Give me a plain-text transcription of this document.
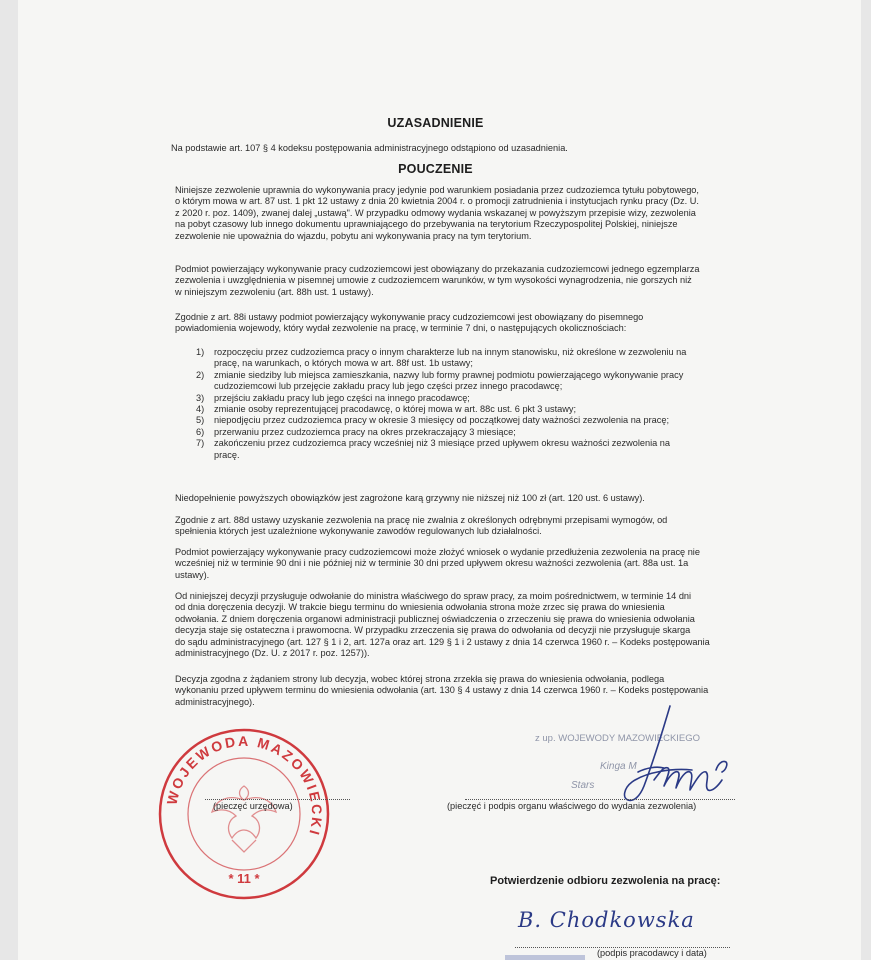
UZASADNIENIE
Na podstawie art. 107 § 4 kodeksu postępowania administracyjnego odstąpiono od uzasadnienia.
POUCZENIE
Niniejsze zezwolenie uprawnia do wykonywania pracy jedynie pod warunkiem posiadania przez cudzoziemca tytułu pobytowego,
o którym mowa w art. 87 ust. 1 pkt 12 ustawy z dnia 20 kwietnia 2004 r. o promocji zatrudnienia i instytucjach rynku pracy (Dz. U.
z 2020 r. poz. 1409), zwanej dalej „ustawą". W przypadku odmowy wydania wskazanej w powyższym przepisie wizy, zezwolenia
na pobyt czasowy lub innego dokumentu uprawniającego do przebywania na terytorium Rzeczypospolitej Polskiej, niniejsze
zezwolenie nie upoważnia do wjazdu, pobytu ani wykonywania pracy na tym terytorium.
Podmiot powierzający wykonywanie pracy cudzoziemcowi jest obowiązany do przekazania cudzoziemcowi jednego egzemplarza
zezwolenia i uwzględnienia w pisemnej umowie z cudzoziemcem warunków, w tym wysokości wynagrodzenia, nie gorszych niż
w niniejszym zezwoleniu (art. 88h ust. 1 ustawy).
Zgodnie z art. 88i ustawy podmiot powierzający wykonywanie pracy cudzoziemcowi jest obowiązany do pisemnego
powiadomienia wojewody, który wydał zezwolenie na pracę, w terminie 7 dni, o następujących okolicznościach:
1)	rozpoczęciu przez cudzoziemca pracy o innym charakterze lub na innym stanowisku, niż określone w zezwoleniu na
pracę, na warunkach, o których mowa w art. 88f ust. 1b ustawy;
2)	zmianie siedziby lub miejsca zamieszkania, nazwy lub formy prawnej podmiotu powierzającego wykonywanie pracy
cudzoziemcowi lub przejęcie zakładu pracy lub jego części przez innego pracodawcę;
3)	przejściu zakładu pracy lub jego części na innego pracodawcę;
4)	zmianie osoby reprezentującej pracodawcę, o której mowa w art. 88c ust. 6 pkt 3 ustawy;
5)	niepodjęciu przez cudzoziemca pracy w okresie 3 miesięcy od początkowej daty ważności zezwolenia na pracę;
6)	przerwaniu przez cudzoziemca pracy na okres przekraczający 3 miesiące;
7)	zakończeniu przez cudzoziemca pracy wcześniej niż 3 miesiące przed upływem okresu ważności zezwolenia na
pracę.
Niedopełnienie powyższych obowiązków jest zagrożone karą grzywny nie niższej niż 100 zł (art. 120 ust. 6 ustawy).
Zgodnie z art. 88d ustawy uzyskanie zezwolenia na pracę nie zwalnia z określonych odrębnymi przepisami wymogów, od
spełnienia których jest uzależnione wykonywanie zawodów regulowanych lub działalności.
Podmiot powierzający wykonywanie pracy cudzoziemcowi może złożyć wniosek o wydanie przedłużenia zezwolenia na pracę nie
wcześniej niż w terminie 90 dni i nie później niż w terminie 30 dni przed upływem okresu ważności zezwolenia (art. 88a ust. 1a
ustawy).
Od niniejszej decyzji przysługuje odwołanie do ministra właściwego do spraw pracy, za moim pośrednictwem, w terminie 14 dni
od dnia doręczenia decyzji. W trakcie biegu terminu do wniesienia odwołania strona może zrzec się prawa do wniesienia
odwołania. Z dniem doręczenia organowi administracji publicznej oświadczenia o zrzeczeniu się prawa do wniesienia odwołania
decyzja staje się ostateczna i prawomocna. W przypadku zrzeczenia się prawa do odwołania od decyzji nie przysługuje skarga
do sądu administracyjnego (art. 127 § 1 i 2, art. 127a oraz art. 129 § 1 i 2 ustawy z dnia 14 czerwca 1960 r. – Kodeks postępowania
administracyjnego (Dz. U. z 2017 r. poz. 1257)).
Decyzja zgodna z żądaniem strony lub decyzja, wobec której strona zrzekła się prawa do wniesienia odwołania, podlega
wykonaniu przed upływem terminu do wniesienia odwołania (art. 130 § 4 ustawy z dnia 14 czerwca 1960 r. – Kodeks postępowania
administracyjnego).
WOJEWODA MAZOWIECKI
* 11 *
(pieczęć urzędowa)
z up. WOJEWODY MAZOWIECKIEGO
Kinga M
Stars
(pieczęć i podpis organu właściwego do wydania zezwolenia)
Potwierdzenie odbioru zezwolenia na pracę:
B. Chodkowska
(podpis pracodawcy i data)
